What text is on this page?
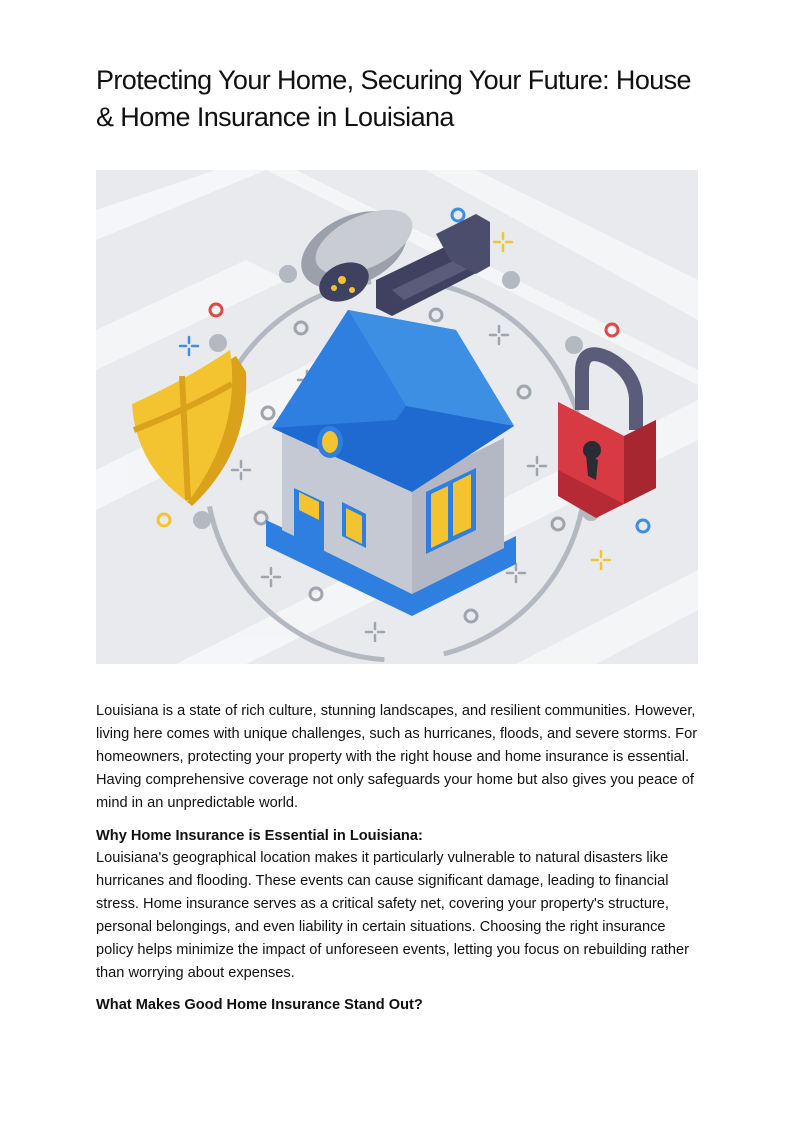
Protecting Your Home, Securing Your Future: House & Home Insurance in Louisiana

Louisiana is a state of rich culture, stunning landscapes, and resilient communities. However, living here comes with unique challenges, such as hurricanes, floods, and severe storms. For homeowners, protecting your property with the right house and home insurance is essential. Having comprehensive coverage not only safeguards your home but also gives you peace of mind in an unpredictable world.

Why Home Insurance is Essential in Louisiana:

Louisiana's geographical location makes it particularly vulnerable to natural disasters like hurricanes and flooding. These events can cause significant damage, leading to financial stress. Home insurance serves as a critical safety net, covering your property's structure, personal belongings, and even liability in certain situations. Choosing the right insurance policy helps minimize the impact of unforeseen events, letting you focus on rebuilding rather than worrying about expenses.

What Makes Good Home Insurance Stand Out?
